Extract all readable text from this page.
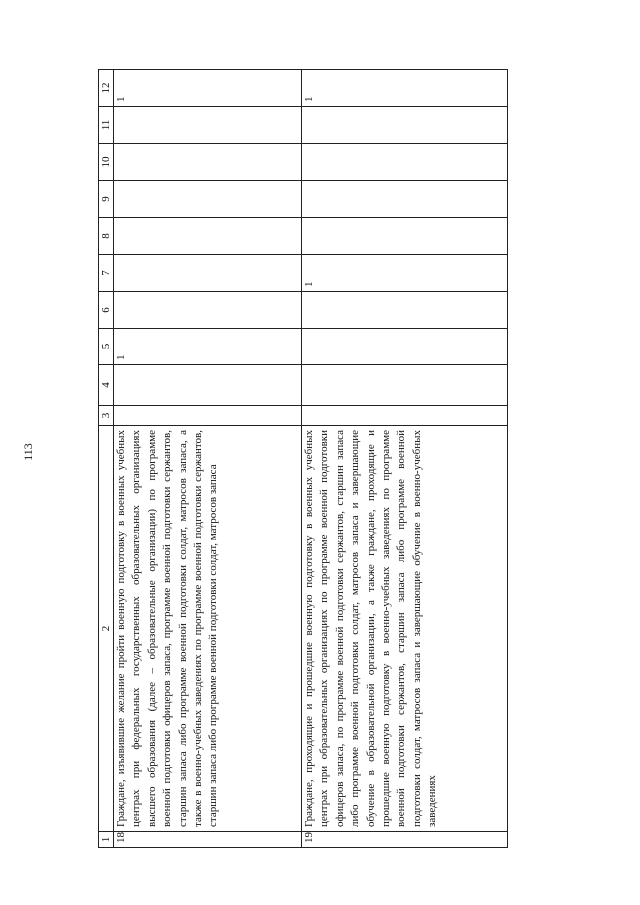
113
1	2	3	4	5	6	7	8	9	10	11	12
18	Граждане, изъявившие желание пройти военную подготовку в военных учебных центрах при федеральных государственных образовательных организациях высшего образования (далее – образовательные организации) по программе военной подготовки офицеров запаса, программе военной подготовки сержантов, старшин запаса либо программе военной подготовки солдат, матросов запаса, а также в военно-учебных заведениях по программе военной подготовки сержантов, старшин запаса либо программе военной подготовки солдат, матросов запаса			1							1
19	Граждане, проходящие и прошедшие военную подготовку в военных учебных центрах при образовательных организациях по программе военной подготовки офицеров запаса, по программе военной подготовки сержантов, старшин запаса либо программе военной подготовки солдат, матросов запаса и завершающие обучение в образовательной организации, а также граждане, проходящие и прошедшие военную подготовку в военно-учебных заведениях по программе военной подготовки сержантов, старшин запаса либо программе военной подготовки солдат, матросов запаса и завершающие обучение в военно-учебных заведениях					1					1
